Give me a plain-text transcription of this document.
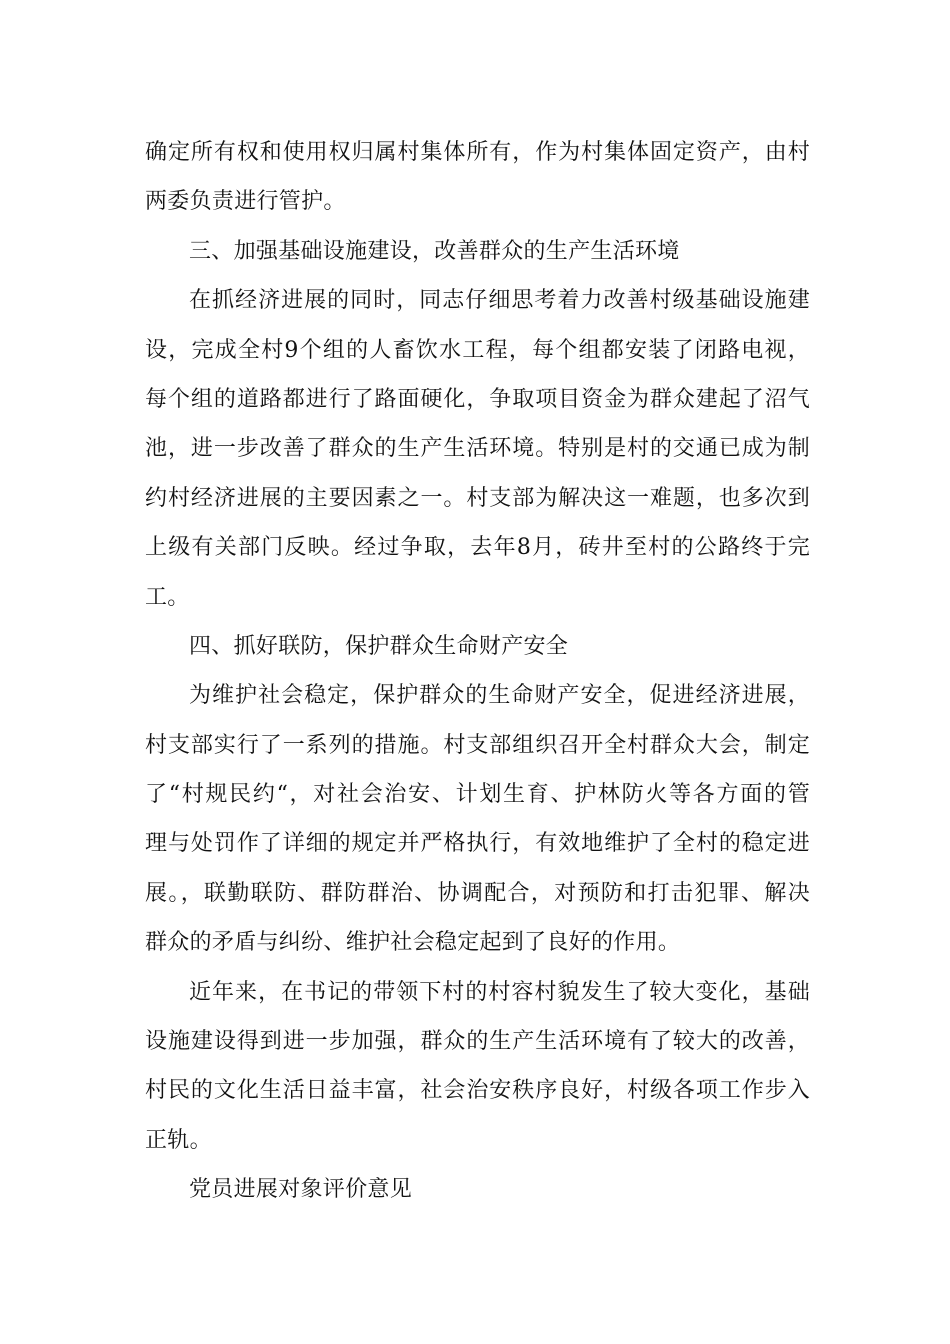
确定所有权和使用权归属村集体所有，作为村集体固定资产，由村
两委负责进行管护。
三、加强基础设施建设，改善群众的生产生活环境
在抓经济进展的同时，同志仔细思考着力改善村级基础设施建
设，完成全村9个组的人畜饮水工程，每个组都安装了闭路电视，
每个组的道路都进行了路面硬化，争取项目资金为群众建起了沼气
池，进一步改善了群众的生产生活环境。特别是村的交通已成为制
约村经济进展的主要因素之一。村支部为解决这一难题，也多次到
上级有关部门反映。经过争取，去年8月，砖井至村的公路终于完
工。
四、抓好联防，保护群众生命财产安全
为维护社会稳定，保护群众的生命财产安全，促进经济进展，
村支部实行了一系列的措施。村支部组织召开全村群众大会，制定
了“村规民约“，对社会治安、计划生育、护林防火等各方面的管
理与处罚作了详细的规定并严格执行，有效地维护了全村的稳定进
展。，联勤联防、群防群治、协调配合，对预防和打击犯罪、解决
群众的矛盾与纠纷、维护社会稳定起到了良好的作用。
近年来，在书记的带领下村的村容村貌发生了较大变化，基础
设施建设得到进一步加强，群众的生产生活环境有了较大的改善，
村民的文化生活日益丰富，社会治安秩序良好，村级各项工作步入
正轨。
党员进展对象评价意见
